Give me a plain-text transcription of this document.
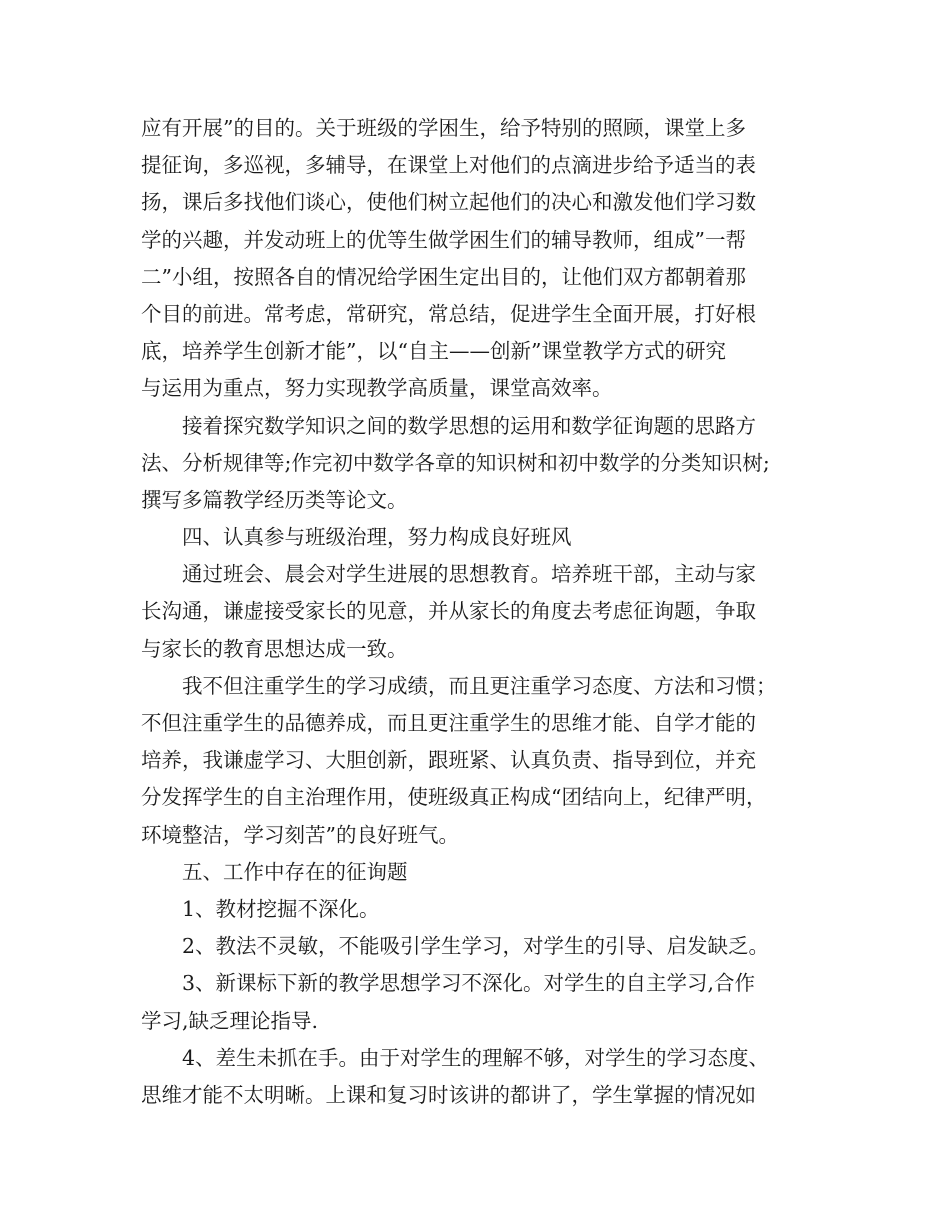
应有开展”的目的。关于班级的学困生，给予特别的照顾，课堂上多
提征询，多巡视，多辅导，在课堂上对他们的点滴进步给予适当的表
扬，课后多找他们谈心，使他们树立起他们的决心和激发他们学习数
学的兴趣，并发动班上的优等生做学困生们的辅导教师，组成”一帮
二”小组，按照各自的情况给学困生定出目的，让他们双方都朝着那
个目的前进。常考虑，常研究，常总结，促进学生全面开展，打好根
底，培养学生创新才能”，以“自主——创新”课堂教学方式的研究
与运用为重点，努力实现教学高质量，课堂高效率。
接着探究数学知识之间的数学思想的运用和数学征询题的思路方
法、分析规律等;作完初中数学各章的知识树和初中数学的分类知识树;
撰写多篇教学经历类等论文。
四、认真参与班级治理，努力构成良好班风
通过班会、晨会对学生进展的思想教育。培养班干部，主动与家
长沟通，谦虚接受家长的见意，并从家长的角度去考虑征询题，争取
与家长的教育思想达成一致。
我不但注重学生的学习成绩，而且更注重学习态度、方法和习惯；
不但注重学生的品德养成，而且更注重学生的思维才能、自学才能的
培养，我谦虚学习、大胆创新，跟班紧、认真负责、指导到位，并充
分发挥学生的自主治理作用，使班级真正构成“团结向上，纪律严明，
环境整洁，学习刻苦”的良好班气。
五、工作中存在的征询题
1、教材挖掘不深化。
2、教法不灵敏，不能吸引学生学习，对学生的引导、启发缺乏。
3、新课标下新的教学思想学习不深化。对学生的自主学习,合作
学习,缺乏理论指导.
4、差生未抓在手。由于对学生的理解不够，对学生的学习态度、
思维才能不太明晰。上课和复习时该讲的都讲了，学生掌握的情况如
